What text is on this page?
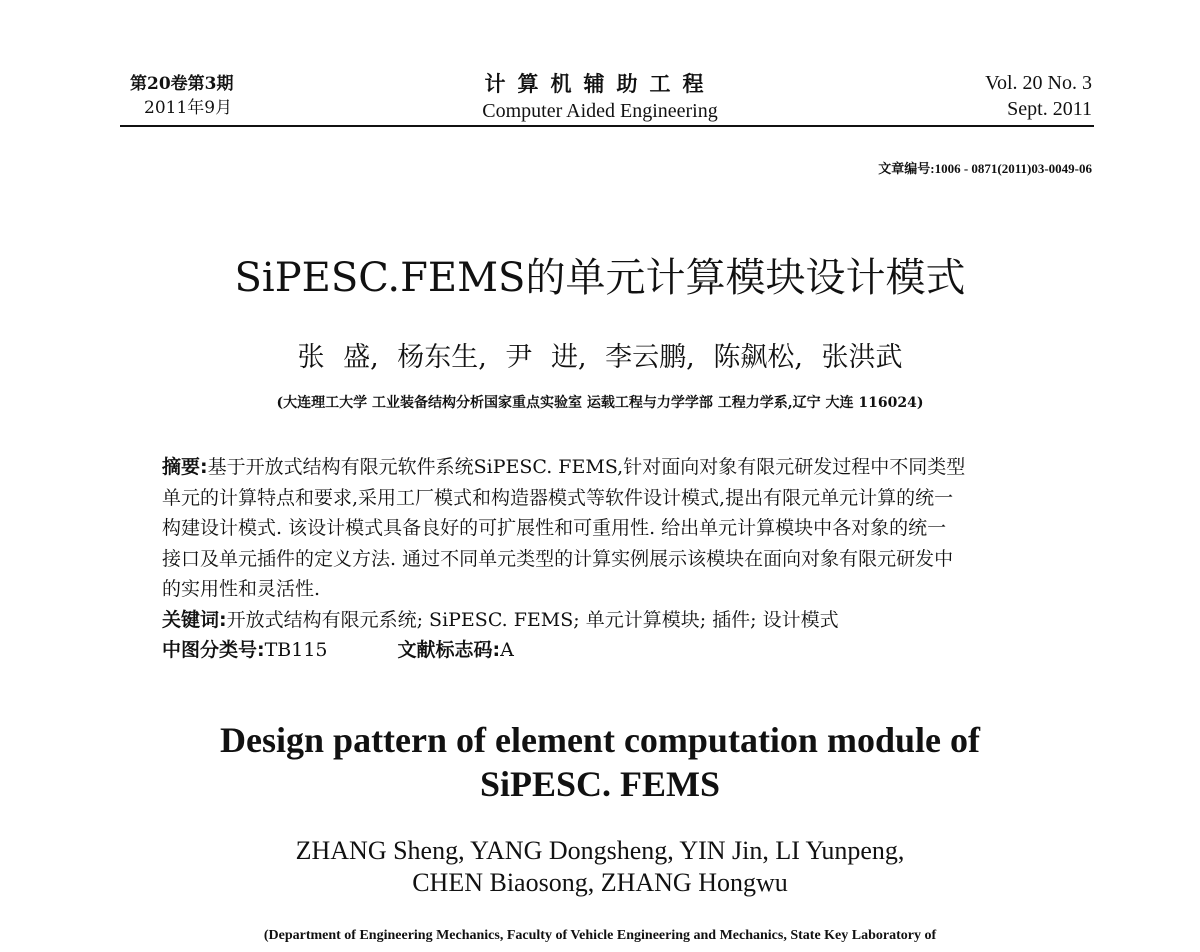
第20卷第3期
2011年9月
计算机辅助工程
Computer Aided Engineering
Vol. 20 No. 3
Sept. 2011
文章编号:1006 - 0871(2011)03-0049-06
SiPESC.FEMS的单元计算模块设计模式
张 盛, 杨东生, 尹 进, 李云鹏, 陈飙松, 张洪武
(大连理工大学 工业装备结构分析国家重点实验室 运载工程与力学学部 工程力学系,辽宁 大连 116024)
摘要:基于开放式结构有限元软件系统SiPESC. FEMS,针对面向对象有限元研发过程中不同类型
单元的计算特点和要求,采用工厂模式和构造器模式等软件设计模式,提出有限元单元计算的统一
构建设计模式. 该设计模式具备良好的可扩展性和可重用性. 给出单元计算模块中各对象的统一
接口及单元插件的定义方法. 通过不同单元类型的计算实例展示该模块在面向对象有限元研发中
的实用性和灵活性.
关键词:开放式结构有限元系统; SiPESC. FEMS; 单元计算模块; 插件; 设计模式
中图分类号:TB115	文献标志码:A
Design pattern of element computation module of
SiPESC. FEMS
ZHANG Sheng, YANG Dongsheng, YIN Jin, LI Yunpeng,
CHEN Biaosong, ZHANG Hongwu
(Department of Engineering Mechanics, Faculty of Vehicle Engineering and Mechanics, State Key Laboratory of
